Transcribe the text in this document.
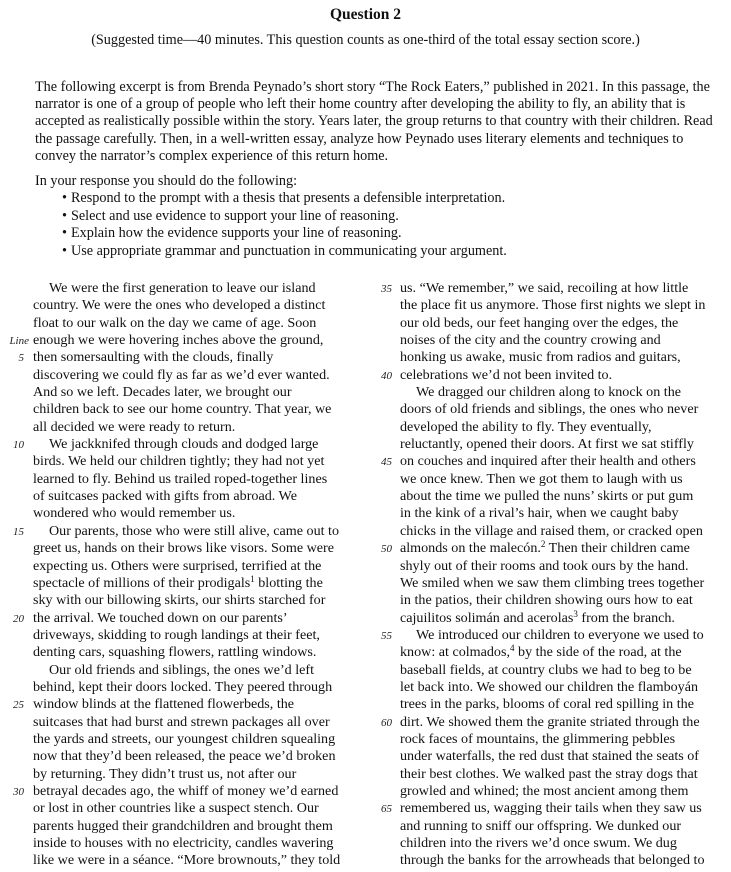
Question 2
(Suggested time—40 minutes. This question counts as one-third of the total essay section score.)

The following excerpt is from Brenda Peynado’s short story “The Rock Eaters,” published in 2021. In this passage, the narrator is one of a group of people who left their home country after developing the ability to fly, an ability that is accepted as realistically possible within the story. Years later, the group returns to that country with their children. Read the passage carefully. Then, in a well-written essay, analyze how Peynado uses literary elements and techniques to convey the narrator’s complex experience of this return home.

In your response you should do the following:
• Respond to the prompt with a thesis that presents a defensible interpretation.
• Select and use evidence to support your line of reasoning.
• Explain how the evidence supports your line of reasoning.
• Use appropriate grammar and punctuation in communicating your argument.
We were the first generation to leave our island
country. We were the ones who developed a distinct
float to our walk on the day we came of age. Soon
enough we were hovering inches above the ground,
Line
then somersaulting with the clouds, finally
5
discovering we could fly as far as we’d ever wanted.
And so we left. Decades later, we brought our
children back to see our home country. That year, we
all decided we were ready to return.
We jackknifed through clouds and dodged large
10
birds. We held our children tightly; they had not yet
learned to fly. Behind us trailed roped-together lines
of suitcases packed with gifts from abroad. We
wondered who would remember us.
Our parents, those who were still alive, came out to
15
greet us, hands on their brows like visors. Some were
expecting us. Others were surprised, terrified at the
spectacle of millions of their prodigals$^1$ blotting the
sky with our billowing skirts, our shirts starched for
the arrival. We touched down on our parents’
20
driveways, skidding to rough landings at their feet,
denting cars, squashing flowers, rattling windows.
Our old friends and siblings, the ones we’d left
behind, kept their doors locked. They peered through
window blinds at the flattened flowerbeds, the
25
suitcases that had burst and strewn packages all over
the yards and streets, our youngest children squealing
now that they’d been released, the peace we’d broken
by returning. They didn’t trust us, not after our
betrayal decades ago, the whiff of money we’d earned
30
or lost in other countries like a suspect stench. Our
parents hugged their grandchildren and brought them
inside to houses with no electricity, candles wavering
like we were in a séance. “More brownouts,” they told
us. “We remember,” we said, recoiling at how little
35
the place fit us anymore. Those first nights we slept in
our old beds, our feet hanging over the edges, the
noises of the city and the country crowing and
honking us awake, music from radios and guitars,
celebrations we’d not been invited to.
40
We dragged our children along to knock on the
doors of old friends and siblings, the ones who never
developed the ability to fly. They eventually,
reluctantly, opened their doors. At first we sat stiffly
on couches and inquired after their health and others
45
we once knew. Then we got them to laugh with us
about the time we pulled the nuns’ skirts or put gum
in the kink of a rival’s hair, when we caught baby
chicks in the village and raised them, or cracked open
almonds on the malecón.$^2$ Then their children came
50
shyly out of their rooms and took ours by the hand.
We smiled when we saw them climbing trees together
in the patios, their children showing ours how to eat
cajuilitos solimán and acerolas$^3$ from the branch.
We introduced our children to everyone we used to
55
know: at colmados,$^4$ by the side of the road, at the
baseball fields, at country clubs we had to beg to be
let back into. We showed our children the flamboyán
trees in the parks, blooms of coral red spilling in the
dirt. We showed them the granite striated through the
60
rock faces of mountains, the glimmering pebbles
under waterfalls, the red dust that stained the seats of
their best clothes. We walked past the stray dogs that
growled and whined; the most ancient among them
remembered us, wagging their tails when they saw us
65
and running to sniff our offspring. We dunked our
children into the rivers we’d once swum. We dug
through the banks for the arrowheads that belonged to
